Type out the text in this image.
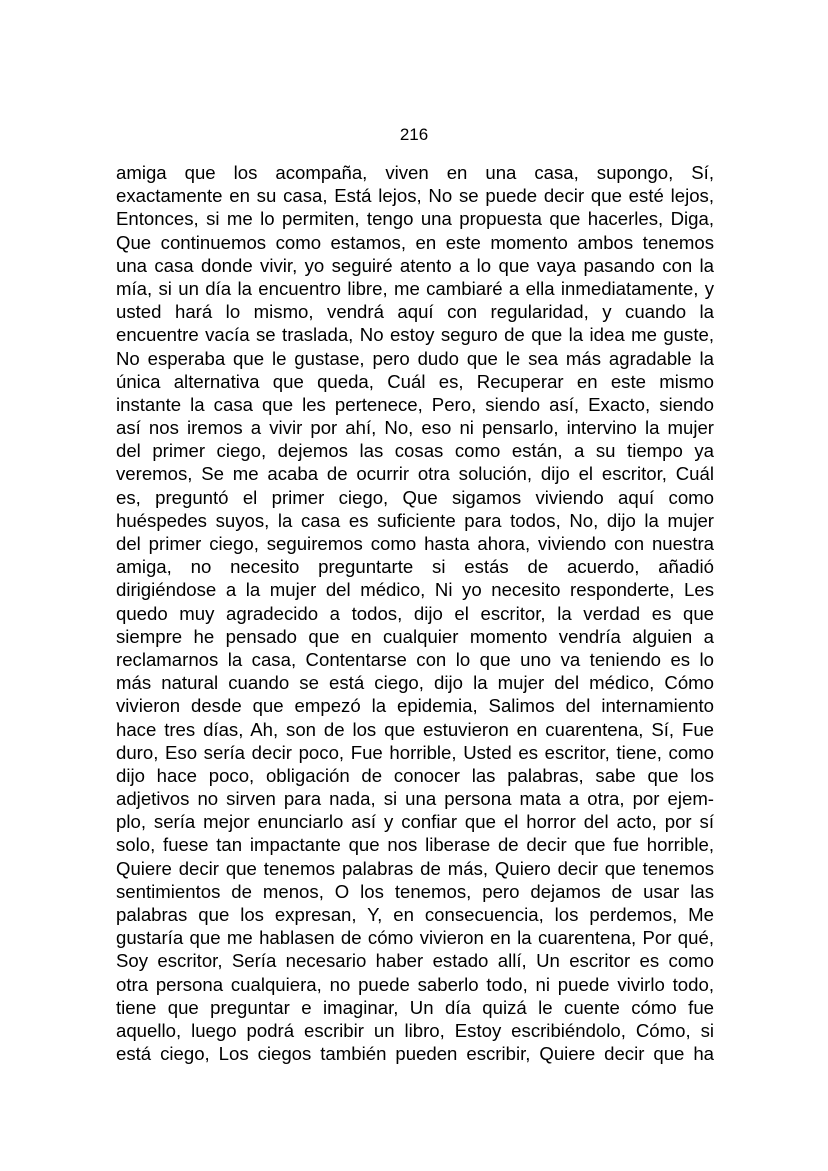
216
amiga que los acompaña, viven en una casa, supongo, Sí,
exactamente en su casa, Está lejos, No se puede decir que esté lejos,
Entonces, si me lo permiten, tengo una propuesta que hacerles, Diga,
Que continuemos como estamos, en este momento ambos tenemos
una casa donde vivir, yo seguiré atento a lo que vaya pasando con la
mía, si un día la encuentro libre, me cambiaré a ella inmediatamente, y
usted hará lo mismo, vendrá aquí con regularidad, y cuando la
encuentre vacía se traslada, No estoy seguro de que la idea me guste,
No esperaba que le gustase, pero dudo que le sea más agradable la
única alternativa que queda, Cuál es, Recuperar en este mismo
instante la casa que les pertenece, Pero, siendo así, Exacto, siendo
así nos iremos a vivir por ahí, No, eso ni pensarlo, intervino la mujer
del primer ciego, dejemos las cosas como están, a su tiempo ya
veremos, Se me acaba de ocurrir otra solución, dijo el escritor, Cuál
es, preguntó el primer ciego, Que sigamos viviendo aquí como
huéspedes suyos, la casa es suficiente para todos, No, dijo la mujer
del primer ciego, seguiremos como hasta ahora, viviendo con nuestra
amiga, no necesito preguntarte si estás de acuerdo, añadió
dirigiéndose a la mujer del médico, Ni yo necesito responderte, Les
quedo muy agradecido a todos, dijo el escritor, la verdad es que
siempre he pensado que en cualquier momento vendría alguien a
reclamarnos la casa, Contentarse con lo que uno va teniendo es lo
más natural cuando se está ciego, dijo la mujer del médico, Cómo
vivieron desde que empezó la epidemia, Salimos del internamiento
hace tres días, Ah, son de los que estuvieron en cuarentena, Sí, Fue
duro, Eso sería decir poco, Fue horrible, Usted es escritor, tiene, como
dijo hace poco, obligación de conocer las palabras, sabe que los
adjetivos no sirven para nada, si una persona mata a otra, por ejem-
plo, sería mejor enunciarlo así y confiar que el horror del acto, por sí
solo, fuese tan impactante que nos liberase de decir que fue horrible,
Quiere decir que tenemos palabras de más, Quiero decir que tenemos
sentimientos de menos, O los tenemos, pero dejamos de usar las
palabras que los expresan, Y, en consecuencia, los perdemos, Me
gustaría que me hablasen de cómo vivieron en la cuarentena, Por qué,
Soy escritor, Sería necesario haber estado allí, Un escritor es como
otra persona cualquiera, no puede saberlo todo, ni puede vivirlo todo,
tiene que preguntar e imaginar, Un día quizá le cuente cómo fue
aquello, luego podrá escribir un libro, Estoy escribiéndolo, Cómo, si
está ciego, Los ciegos también pueden escribir, Quiere decir que ha
